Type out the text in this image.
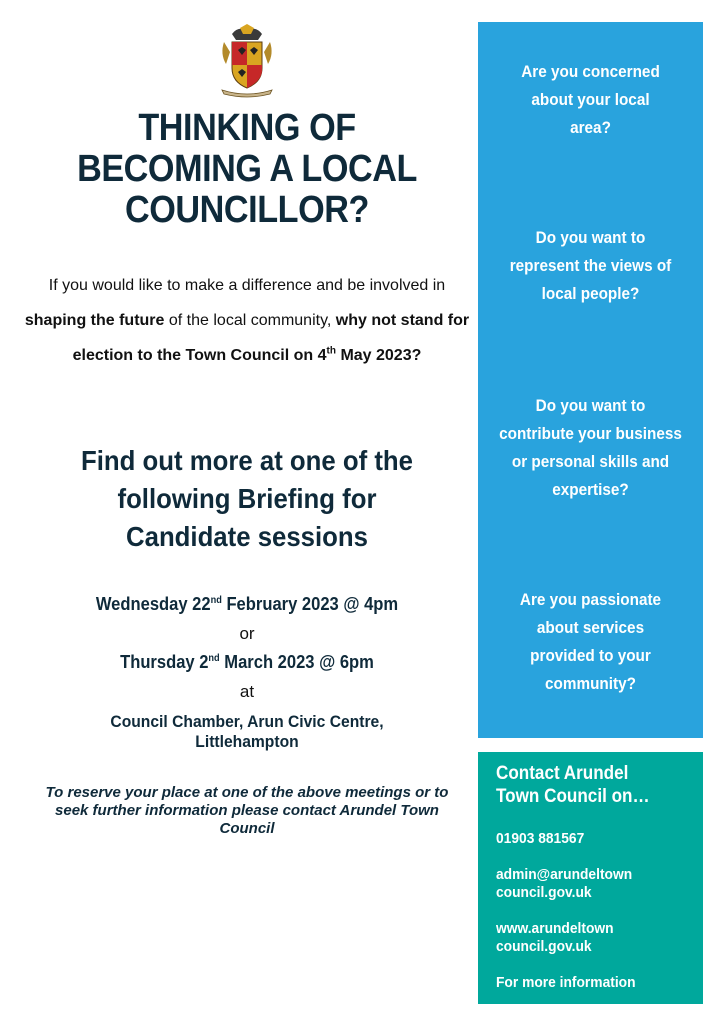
THINKING OF
BECOMING A LOCAL
COUNCILLOR?
If you would like to make a difference and be involved in shaping the future of the local community, why not stand for election to the Town Council on 4th May 2023?
Find out more at one of the following Briefing for Candidate sessions
Wednesday 22nd February 2023 @ 4pm
or
Thursday 2nd March 2023 @ 6pm
at
Council Chamber, Arun Civic Centre,
Littlehampton
To reserve your place at one of the above meetings or to seek further information please contact Arundel Town Council
Are you concerned about your local area?
Do you want to represent the views of local people?
Do you want to contribute your business or personal skills and expertise?
Are you passionate about services provided to your community?
Contact Arundel Town Council on…
01903 881567
admin@arundeltown
council.gov.uk
www.arundeltown
council.gov.uk
For more information
